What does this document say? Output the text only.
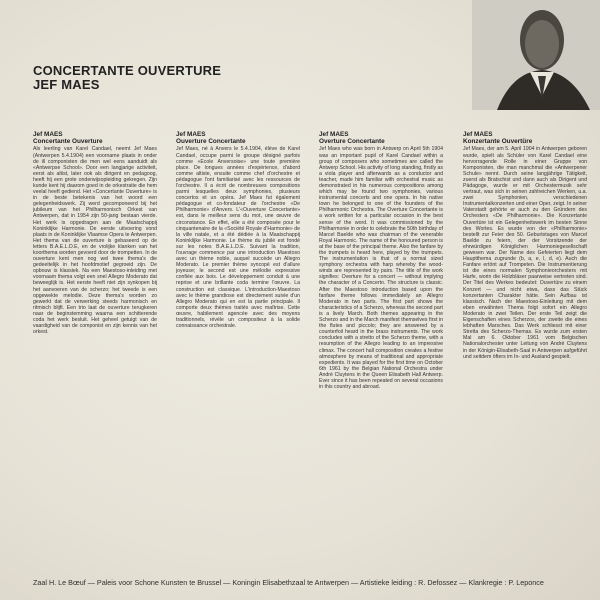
CONCERTANTE OUVERTURE
JEF MAES
Jef MAES
Concertante Ouverture
Als leerling van Karel Candael, neemt Jef Maes (Antwerpen 5.4.1904) een voorname plaats in onder de ill componisten die men wel eens aanduidt als «Antwerpse School». Door een langjarige activiteit, eerst als altist, later ook als dirigent en pedagoog, heeft hij een grote onderwijsopleiding gekregen. Zijn kunde kent hij daarom goed in de orkestratie die hem veelal heeft gediend. Het «Concertante Ouverture» is in de beste betekenis van het woord een gelegenheidswerk. Zij werd gecomponeerd bij het jubileum van het Philharmonisch Orkest van Antwerpen, dat in 1954 zijn 50-jarig bestaan vierde. Het werk is opgedragen aan de Maatschappij Koninklijke Harmonie. De eerste uitvoering vond plaats in de Koninklijke Vlaamse Opera te Antwerpen. Het thema van de ouverture is gebaseerd op de letters B.A.E.L.D.E, en de vrolijke klanken van het koorthema worden gevoerd door de trompetten. In de ouverture kent men nog wel twee thema's die gedeeltelijk in het hoofdmotief gegroeid zijn. De opbouw is klassiek. Na een Maestoso-inleiding met voornaam thema volgt een snel Allegro Moderato dat beweeglijk is. Het eerste heeft niet zijn synkopen bij het aanvoeren van de scherzo; het tweede is een opgewekte melodie. Deze thema's worden zo gewerkt dat de verwerking steeds harmonisch en ritmisch blijft. Een trio laat de ouverture terugkeren naar de beginstemming waarna een schitterende coda het werk besluit. Het geheel getuigt van de vaardigheid van de componist en zijn kennis van het orkest.
Jef MAES
Ouverture Concertante
Jef Maes, né à Anvers le 5.4.1904, élève de Karel Candael, occupe parmi le groupe désigné parfois comme «Ecole Anversoise» une toute première place. De longues années d'expérience, d'abord comme altiste, ensuite comme chef d'orchestre et pédagogue l'ont familiarisé avec les ressources de l'orchestre. Il a écrit de nombreuses compositions parmi lesquelles deux symphonies, plusieurs concertos et un opéra. Jef Maes fut également pédagogue et co-fondateur de l'orchestre «De Philharmonie» d'Anvers. L'«Ouverture Concertante» est, dans le meilleur sens du mot, une œuvre de circonstance. En effet, elle a été composée pour le cinquantenaire de la «Société Royale d'Harmonie» de la ville natale, et a été dédiée à la Maatschappij Koninklijke Harmonie. Le thème du jubilé est fondé sur les notes B.A.E.L.D.E. Suivant la tradition, l'ouvrage commence par une introduction Maestoso avec un thème noble, auquel succède un Allegro Moderato. Le premier thème syncopé est d'allure joyeuse; le second est une mélodie expressive confiée aux bois. Le développement conduit à une reprise et une brillante coda termine l'œuvre. La construction est classique. L'introduction-Maestoso avec le thème grandiose est directement suivie d'un Allegro Moderato qui en est la partie principale. Il comporte deux thèmes traités avec maîtrise. Cette œuvre, habilement agencée avec des moyens traditionnels, révèle un compositeur à la solide connaissance orchestrale.
Jef MAES
Overture Concertante
Jef Maes who was born in Antwerp on April 5th 1904 was an important pupil of Karel Candael within a group of composers who sometimes are called the Antwerp School. His activity of long standing, firstly as a viola player and afterwards as a conductor and teacher, made him familiar with orchestral music as demonstrated in his numerous compositions among which may be found two symphonies, various instrumental concerts and one opera. In his native town he belonged to one of the founders of the Philharmonic Orchestra. The Overture Concertante is a work written for a particular occasion in the best sense of the word. It was commissioned by the Philharmonie in order to celebrate the 50th birthday of Marcel Baelde who was chairman of the venerable Royal Harmonic. The name of the honoured person is at the base of the principal theme. Also the fanfare by the trumpets is heard here, played by the trumpets. The instrumentation is that of a normal sized symphony orchestra with harp whereby the wood-winds are represented by pairs. The title of the work signifies: Overture for a concert — without implying the character of a Concerto. The structure is classic. After the Maestoso introduction based upon the fanfare theme follows immediately an Allegro Moderato in two parts. The first part shows the characteristics of a Scherzo, whereas the second part is a lively March. Both themes appearing in the Scherzo and in the March manifest themselves first in the flutes and piccolo; they are answered by a counterfoil heard in the brass instruments. The work concludes with a stretto of the Scherzo theme, with a resumption of the Allegro leading to an impressive climax. The concert hall composition creates a festive atmosphere by means of traditional and appropriate expedients. It was played for the first time on October 6th 1961 by the Belgian National Orchestra under André Cluytens in the Queen Elisabeth Hall Antwerp. Ever since it has been repeated on several occasions in this country and abroad.
Jef MAES
Konzertante Ouvertüre
Jef Maes, der am 5. April 1904 in Antwerpen geboren wurde, spielt als Schüler von Karel Candael eine hervorragende Rolle in einer Gruppe von Komponisten, die man manchmal die «Antwerpener Schule» nennt. Durch seine langjährige Tätigkeit, zuerst als Bratschist und dann auch als Dirigent und Pädagoge, wurde er mit Orchestermusik sehr vertraut, was sich in seinen zahlreichen Werken, u.a. zwei Symphonien, verschiedenen Instrumentalkonzerten und einer Oper, zeigt. In seiner Vaterstadt gehörte er auch zu den Gründern des Orchesters «De Philharmonie». Die Konzertante Ouvertüre ist ein Gelegenheitswerk im besten Sinne des Wortes. Es wurde von der «Philharmonie» bestellt zur Feier des 50. Geburtstages von Marcel Baelde zu feiern, der der Vorsitzende der ehrwürdigen Königlichen Harmoniegesellschaft gewesen war. Der Name des Gefeierten liegt dem Hauptthema zugrunde (b, a, e, l, d, e). Auch die Fanfare ertönt auf Trompeten. Die Instrumentierung ist die eines normalen Symphonieorchesters mit Harfe, worin die Holzbläser paarweise vertreten sind. Der Titel des Werkes bedeutet: Ouvertüre zu einem Konzert — und nicht etwa, dass das Stück konzertanten Charakter hätte. Sein Aufbau ist klassisch. Nach der Maestoso-Einleitung mit dem eben erwähnten Thema folgt sofort ein Allegro Moderato in zwei Teilen. Der erste Teil zeigt die Eigenschaften eines Scherzos, der zweite die eines lebhaften Marsches. Das Werk schliesst mit einer Stretta des Scherzo-Themas. Es wurde zum ersten Mal am 6. Oktober 1961 vom Belgischen Nationalorchester unter Leitung von André Cluytens in der Königin-Elisabeth-Saal in Antwerpen aufgeführt und seitdem öfters im In- und Ausland gespielt.
Zaal H. Le Bœuf — Paleis voor Schone Kunsten te Brussel — Koningin Elisabethzaal te Antwerpen — Artistieke leiding : R. Defossez — Klankregie : P. Leponce
